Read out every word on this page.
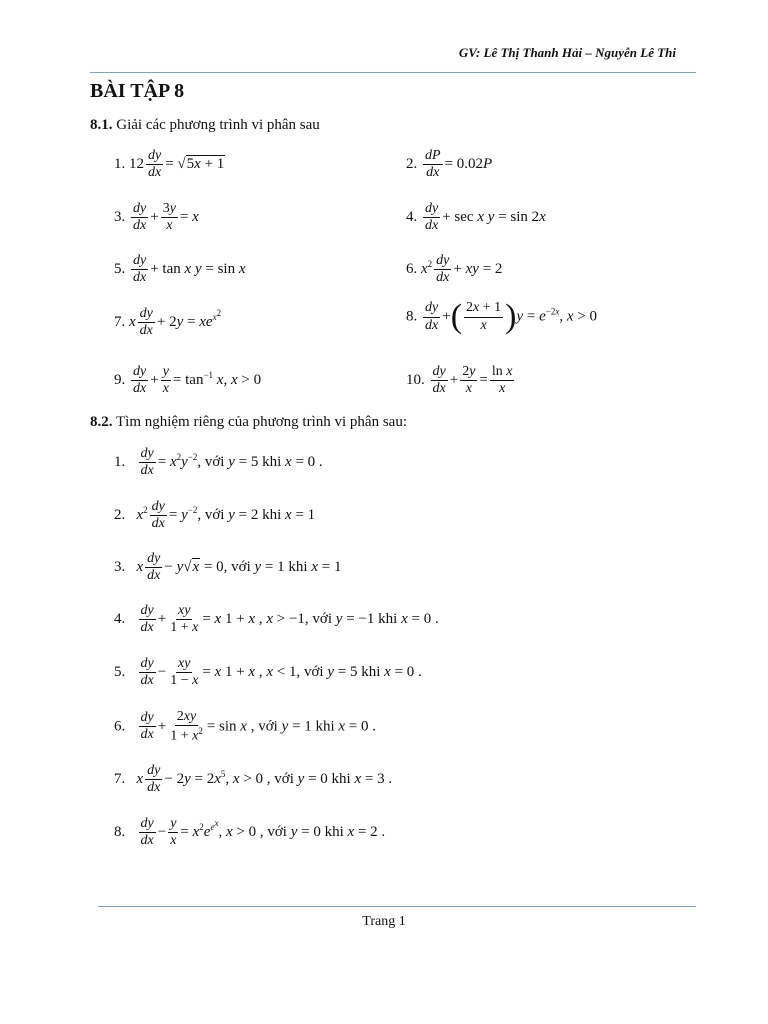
GV: Lê Thị Thanh Hải – Nguyễn Lê Thi
BÀI TẬP 8
8.1. Giải các phương trình vi phân sau
1. $12 \frac{dy}{dx} = √5x + 1$	2. $\frac{dP}{dx} = 0.02P$
3. $\frac{dy}{dx} + \frac{3y}{x} = x$	4. $\frac{dy}{dx} + \sec x$ y = sin 2x
5. $\frac{dy}{dx} + \tan x$ y = sin x	6. $x^2 \frac{dy}{dx}$ + xy = 2
7. x $\frac{dy}{dx} + 2y = xe^{x^2}$	8. $\frac{dy}{dx}$ +( $\frac{2x + 1}{x} )y = e^{-2x}$, x > 0
9. $\frac{dy}{dx} + \frac{y}{x} = \tan^{-1} x$, x > 0	10. $\frac{dy}{dx} + \frac{2y}{x} = \frac{\text{ln x}}{x}$
8.2. Tìm nghiệm riêng của phương trình vi phân sau:
1. $\frac{dy}{dx} = x^2y^{-2}$, với y = 5 khi x = 0 .
2. $x^2 \frac{dy}{dx} = y^{-2}$, với y = 2 khi x = 1
3. x $\frac{dy}{dx} - y√x = 0$, với y = 1 khi x = 1
4. $\frac{dy}{dx} + \frac{xy}{1 + x} = x$ 1 + x , x > −1, với y = −1 khi x = 0 .
5. $\frac{dy}{dx} - \frac{xy}{1 - x} = x$ 1 + x , x < 1, với y = 5 khi x = 0 .
6. $\frac{dy}{dx} + \frac{2xy}{1 + x^2} = \sin x$ , với y = 1 khi x = 0 .
7. x $\frac{dy}{dx} - 2y = 2x^5$, x > 0 , với y = 0 khi x = 3 .
8. $\frac{dy}{dx} - \frac{y}{x} = x^2e^{e^x}$, x > 0 , với y = 0 khi x = 2 .
Trang 1
